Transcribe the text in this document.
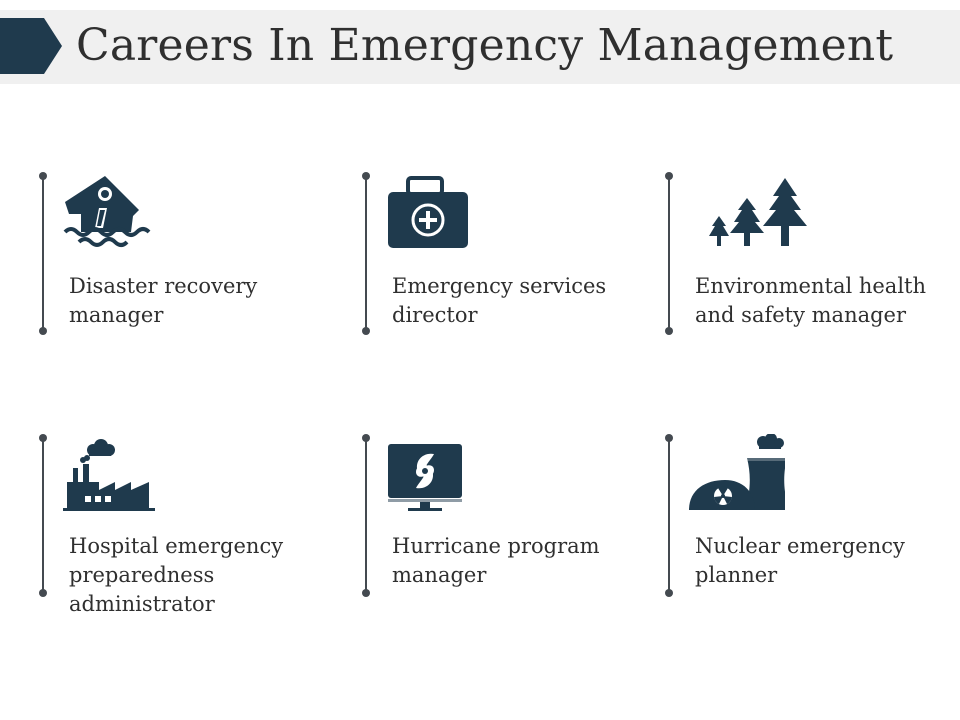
Careers In Emergency Management
Disaster recovery manager
Emergency services director
Environmental health and safety manager
Hospital emergency preparedness administrator
Hurricane program manager
Nuclear emergency planner
